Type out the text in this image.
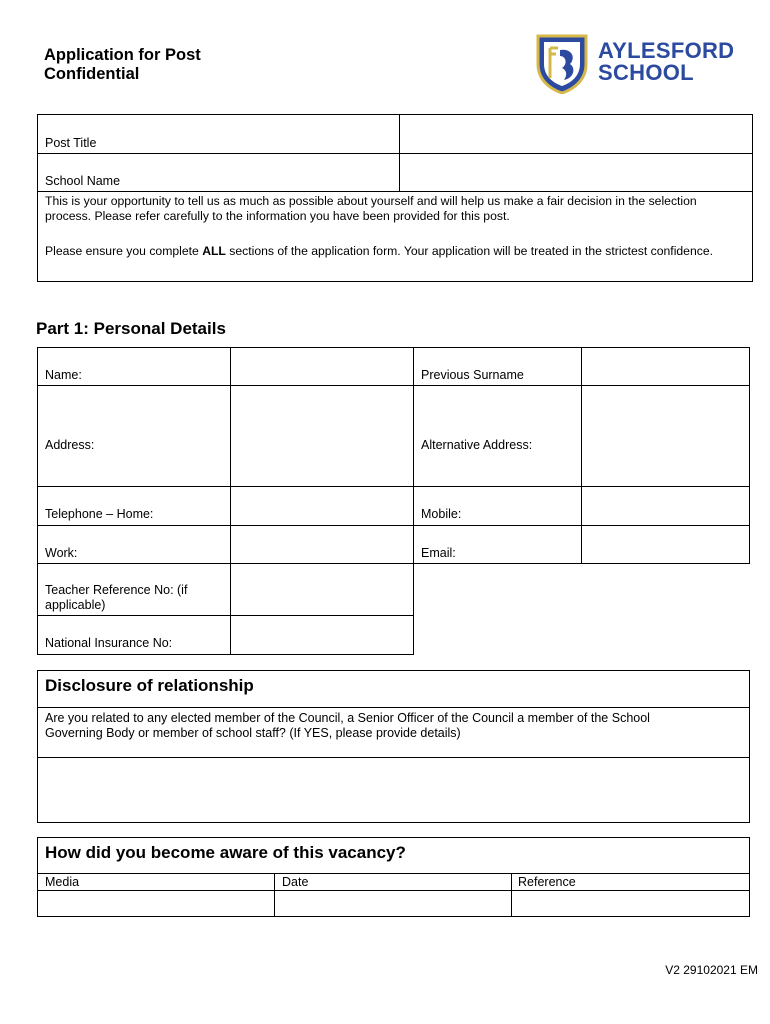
Application for Post
Confidential
AYLESFORD
SCHOOL
Post Title
School Name
This is your opportunity to tell us as much as possible about yourself and will help us make a fair decision in the selection process. Please refer carefully to the information you have been provided for this post.
Please ensure you complete ALL sections of the application form. Your application will be treated in the strictest confidence.
Part 1: Personal Details
Name:	Previous Surname
Address:	Alternative Address:
Telephone – Home:	Mobile:
Work:	Email:
Teacher Reference No: (if applicable)
National Insurance No:
Disclosure of relationship
Are you related to any elected member of the Council, a Senior Officer of the Council a member of the School Governing Body or member of school staff? (If YES, please provide details)
How did you become aware of this vacancy?
Media	Date	Reference
V2 29102021 EM
